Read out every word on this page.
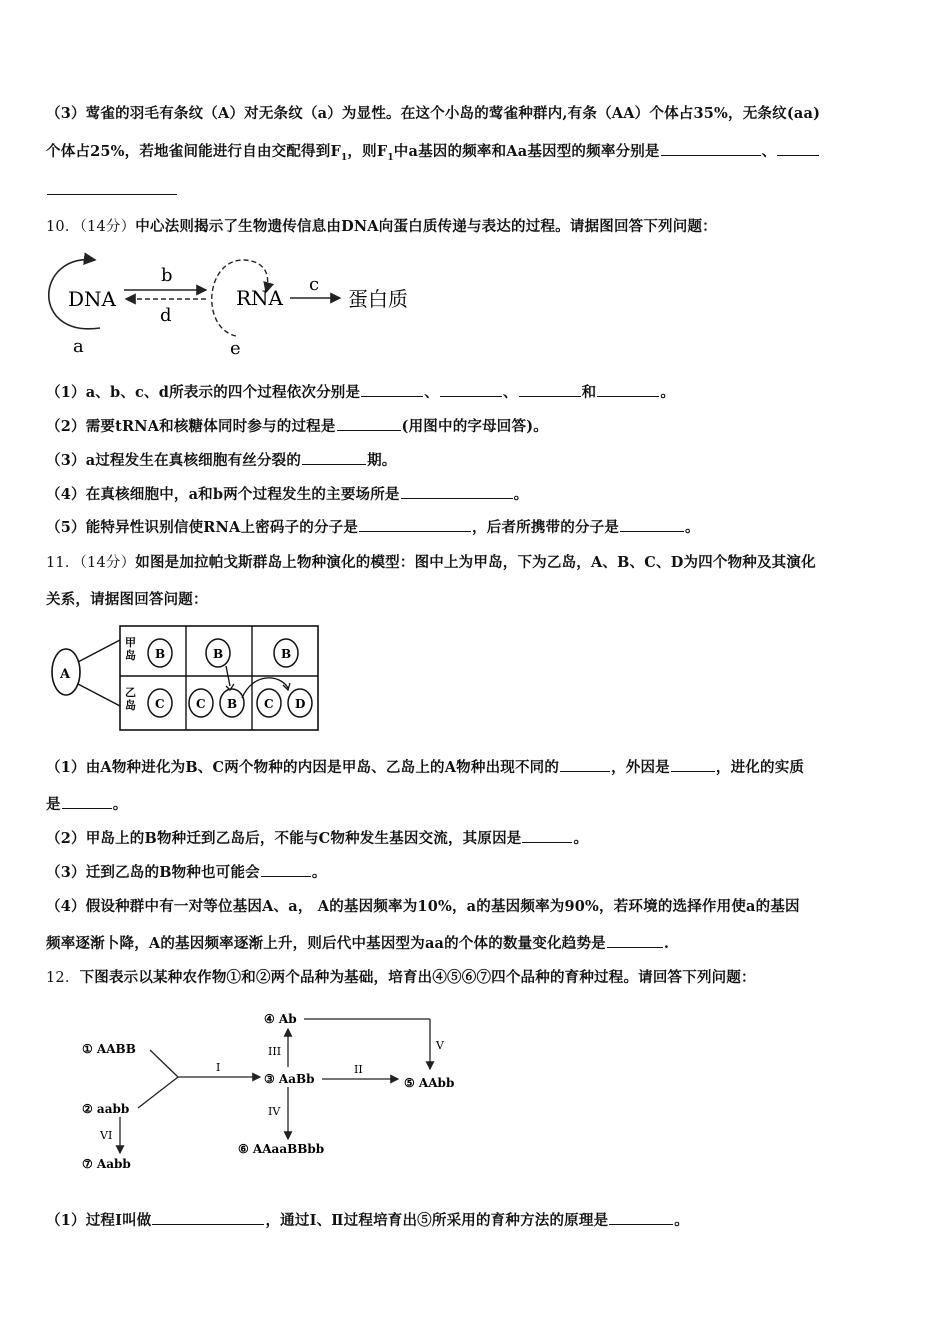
（3）莺雀的羽毛有条纹（A）对无条纹（a）为显性。在这个小岛的莺雀种群内,有条（AA）个体占35%，无条纹(aa)
个体占25%，若地雀间能进行自由交配得到$F_1$，则$F_1$中a基因的频率和Aa基因型的频率分别是	、
10．（14分）中心法则揭示了生物遗传信息由DNA向蛋白质传递与表达的过程。请据图回答下列问题：
DNA
a
b
d
RNA
e
c
蛋白质
（1）a、b、c、d所表示的四个过程依次分别是	、	、	和	。
（2）需要tRNA和核糖体同时参与的过程是	(用图中的字母回答)。
（3）a过程发生在真核细胞有丝分裂的	期。
（4）在真核细胞中，a和b两个过程发生的主要场所是	。
（5）能特异性识别信使RNA上密码子的分子是	，后者所携带的分子是	。
11．（14分）如图是加拉帕戈斯群岛上物种演化的模型：图中上为甲岛，下为乙岛，A、B、C、D为四个物种及其演化
关系，请据图回答问题：
A
甲
岛
乙
岛
B	B	B
C	C B C D
（1）由A物种进化为B、C两个物种的内因是甲岛、乙岛上的A物种出现不同的	，外因是	，进化的实质
是	。
（2）甲岛上的B物种迁到乙岛后，不能与C物种发生基因交流，其原因是	。
（3）迁到乙岛的B物种也可能会	。
（4）假设种群中有一对等位基因A、a， A的基因频率为10%，a的基因频率为90%，若环境的选择作用使a的基因
频率逐渐卜降，A的基因频率逐渐上升，则后代中基因型为aa的个体的数量变化趋势是	.
12．下图表示以某种农作物①和②两个品种为基础，培育出④⑤⑥⑦四个品种的育种过程。请回答下列问题：
① AABB
② aabb
③ AaBb
④ Ab
⑤ AAbb
⑥ AAaaBBbb
⑦ Aabb
I	II
III	V
IV
VI
（1）过程I叫做	，通过I、Ⅱ过程培育出⑤所采用的育种方法的原理是	。
